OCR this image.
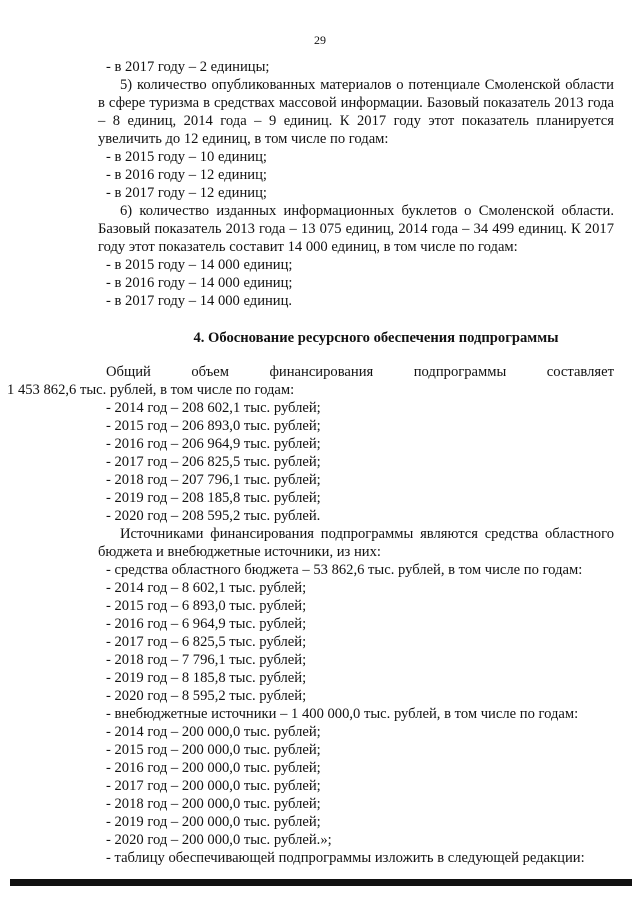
29

- в 2017 году – 2 единицы;

5) количество опубликованных материалов о потенциале Смоленской области в сфере туризма в средствах массовой информации. Базовый показатель 2013 года – 8 единиц, 2014 года – 9 единиц. К 2017 году этот показатель планируется увеличить до 12 единиц, в том числе по годам:

- в 2015 году – 10 единиц;

- в 2016 году – 12 единиц;

- в 2017 году – 12 единиц;

6) количество изданных информационных буклетов о Смоленской области. Базовый показатель 2013 года – 13 075 единиц, 2014 года – 34 499 единиц. К 2017 году этот показатель составит 14 000 единиц, в том числе по годам:

- в 2015 году – 14 000 единиц;

- в 2016 году – 14 000 единиц;

- в 2017 году – 14 000 единиц.

4. Обоснование ресурсного обеспечения подпрограммы

Общий объем финансирования подпрограммы составляет

1 453 862,6 тыс. рублей, в том числе по годам:

- 2014 год – 208 602,1 тыс. рублей;

- 2015 год – 206 893,0 тыс. рублей;

- 2016 год – 206 964,9 тыс. рублей;

- 2017 год – 206 825,5 тыс. рублей;

- 2018 год – 207 796,1 тыс. рублей;

- 2019 год – 208 185,8 тыс. рублей;

- 2020 год – 208 595,2 тыс. рублей.

Источниками финансирования подпрограммы являются средства областного бюджета и внебюджетные источники, из них:

- средства областного бюджета – 53 862,6 тыс. рублей, в том числе по годам:

- 2014 год – 8 602,1 тыс. рублей;

- 2015 год – 6 893,0 тыс. рублей;

- 2016 год – 6 964,9 тыс. рублей;

- 2017 год – 6 825,5 тыс. рублей;

- 2018 год – 7 796,1 тыс. рублей;

- 2019 год – 8 185,8 тыс. рублей;

- 2020 год – 8 595,2 тыс. рублей;

- внебюджетные источники – 1 400 000,0 тыс. рублей, в том числе по годам:

- 2014 год – 200 000,0 тыс. рублей;

- 2015 год – 200 000,0 тыс. рублей;

- 2016 год – 200 000,0 тыс. рублей;

- 2017 год – 200 000,0 тыс. рублей;

- 2018 год – 200 000,0 тыс. рублей;

- 2019 год – 200 000,0 тыс. рублей;

- 2020 год – 200 000,0 тыс. рублей.»;

- таблицу обеспечивающей подпрограммы изложить в следующей редакции:
